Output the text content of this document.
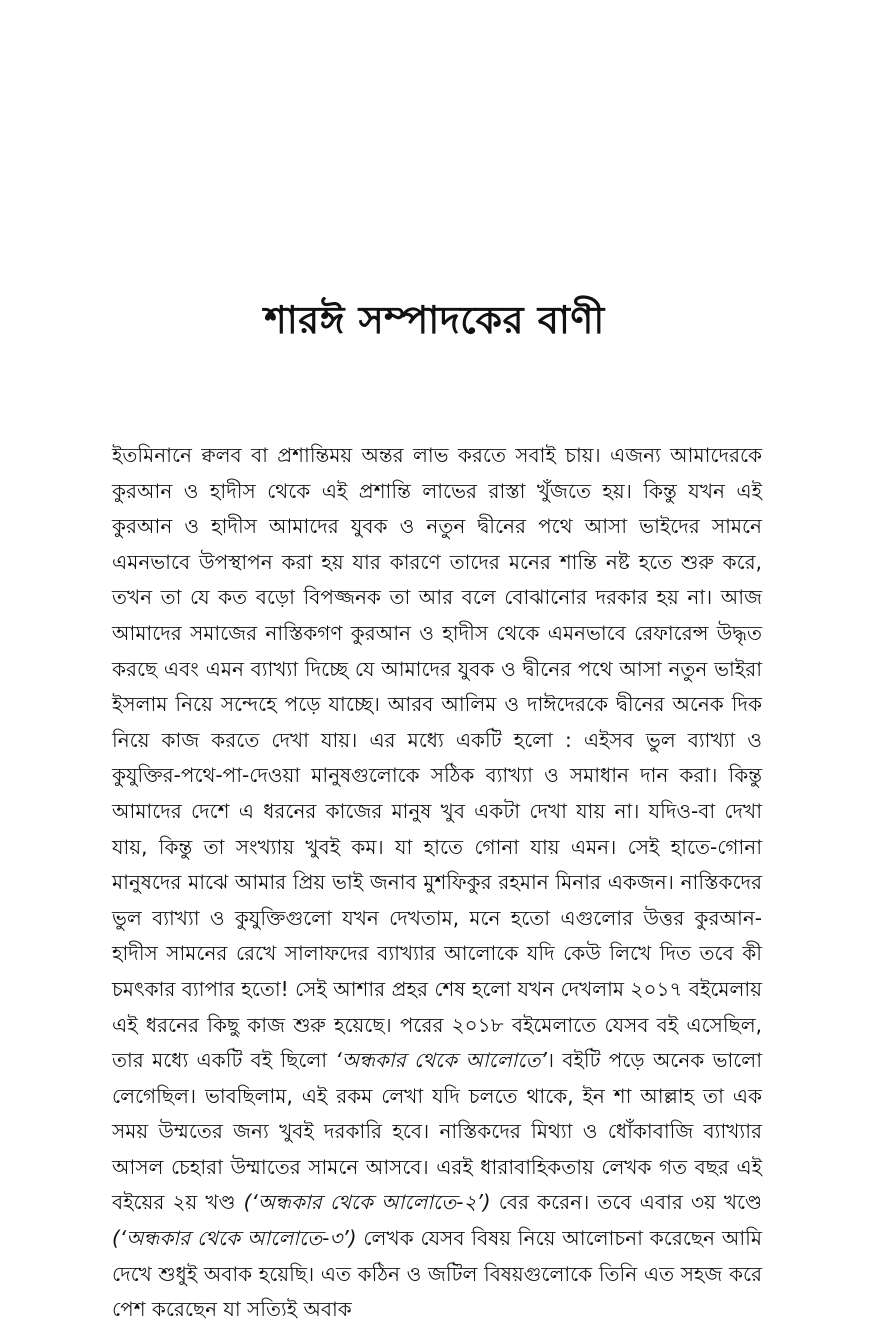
শারঈ সম্পাদকের বাণী

ইতমিনানে ক্বলব বা প্রশান্তিময় অন্তর লাভ করতে সবাই চায়। এজন্য আমাদেরকে কুরআন ও হাদীস থেকে এই প্রশান্তি লাভের রাস্তা খুঁজতে হয়। কিন্তু যখন এই কুরআন ও হাদীস আমাদের যুবক ও নতুন দ্বীনের পথে আসা ভাইদের সামনে এমনভাবে উপস্থাপন করা হয় যার কারণে তাদের মনের শান্তি নষ্ট হতে শুরু করে, তখন তা যে কত বড়ো বিপজ্জনক তা আর বলে বোঝানোর দরকার হয় না। আজ আমাদের সমাজের নাস্তিকগণ কুরআন ও হাদীস থেকে এমনভাবে রেফারেন্স উদ্ধৃত করছে এবং এমন ব্যাখ্যা দিচ্ছে যে আমাদের যুবক ও দ্বীনের পথে আসা নতুন ভাইরা ইসলাম নিয়ে সন্দেহে পড়ে যাচ্ছে। আরব আলিম ও দাঈদেরকে দ্বীনের অনেক দিক নিয়ে কাজ করতে দেখা যায়। এর মধ্যে একটি হলো : এইসব ভুল ব্যাখ্যা ও কুযুক্তির-পথে-পা-দেওয়া মানুষগুলোকে সঠিক ব্যাখ্যা ও সমাধান দান করা। কিন্তু আমাদের দেশে এ ধরনের কাজের মানুষ খুব একটা দেখা যায় না। যদিও-বা দেখা যায়, কিন্তু তা সংখ্যায় খুবই কম। যা হাতে গোনা যায় এমন। সেই হাতে-গোনা মানুষদের মাঝে আমার প্রিয় ভাই জনাব মুশফিকুর রহমান মিনার একজন। নাস্তিকদের ভুল ব্যাখ্যা ও কুযুক্তিগুলো যখন দেখতাম, মনে হতো এগুলোর উত্তর কুরআন-হাদীস সামনের রেখে সালাফদের ব্যাখ্যার আলোকে যদি কেউ লিখে দিত তবে কী চমৎকার ব্যাপার হতো! সেই আশার প্রহর শেষ হলো যখন দেখলাম ২০১৭ বইমেলায় এই ধরনের কিছু কাজ শুরু হয়েছে। পরের ২০১৮ বইমেলাতে যেসব বই এসেছিল, তার মধ্যে একটি বই ছিলো ‘অন্ধকার থেকে আলোতে’। বইটি পড়ে অনেক ভালো লেগেছিল। ভাবছিলাম, এই রকম লেখা যদি চলতে থাকে, ইন শা আল্লাহ তা এক সময় উম্মতের জন্য খুবই দরকারি হবে। নাস্তিকদের মিথ্যা ও ধোঁকাবাজি ব্যাখ্যার আসল চেহারা উম্মাতের সামনে আসবে। এরই ধারাবাহিকতায় লেখক গত বছর এই বইয়ের ২য় খণ্ড (‘অন্ধকার থেকে আলোতে-২’) বের করেন। তবে এবার ৩য় খণ্ডে (‘অন্ধকার থেকে আলোতে-৩’) লেখক যেসব বিষয় নিয়ে আলোচনা করেছেন আমি দেখে শুধুই অবাক হয়েছি। এত কঠিন ও জটিল বিষয়গুলোকে তিনি এত সহজ করে পেশ করেছেন যা সত্যিই অবাক
